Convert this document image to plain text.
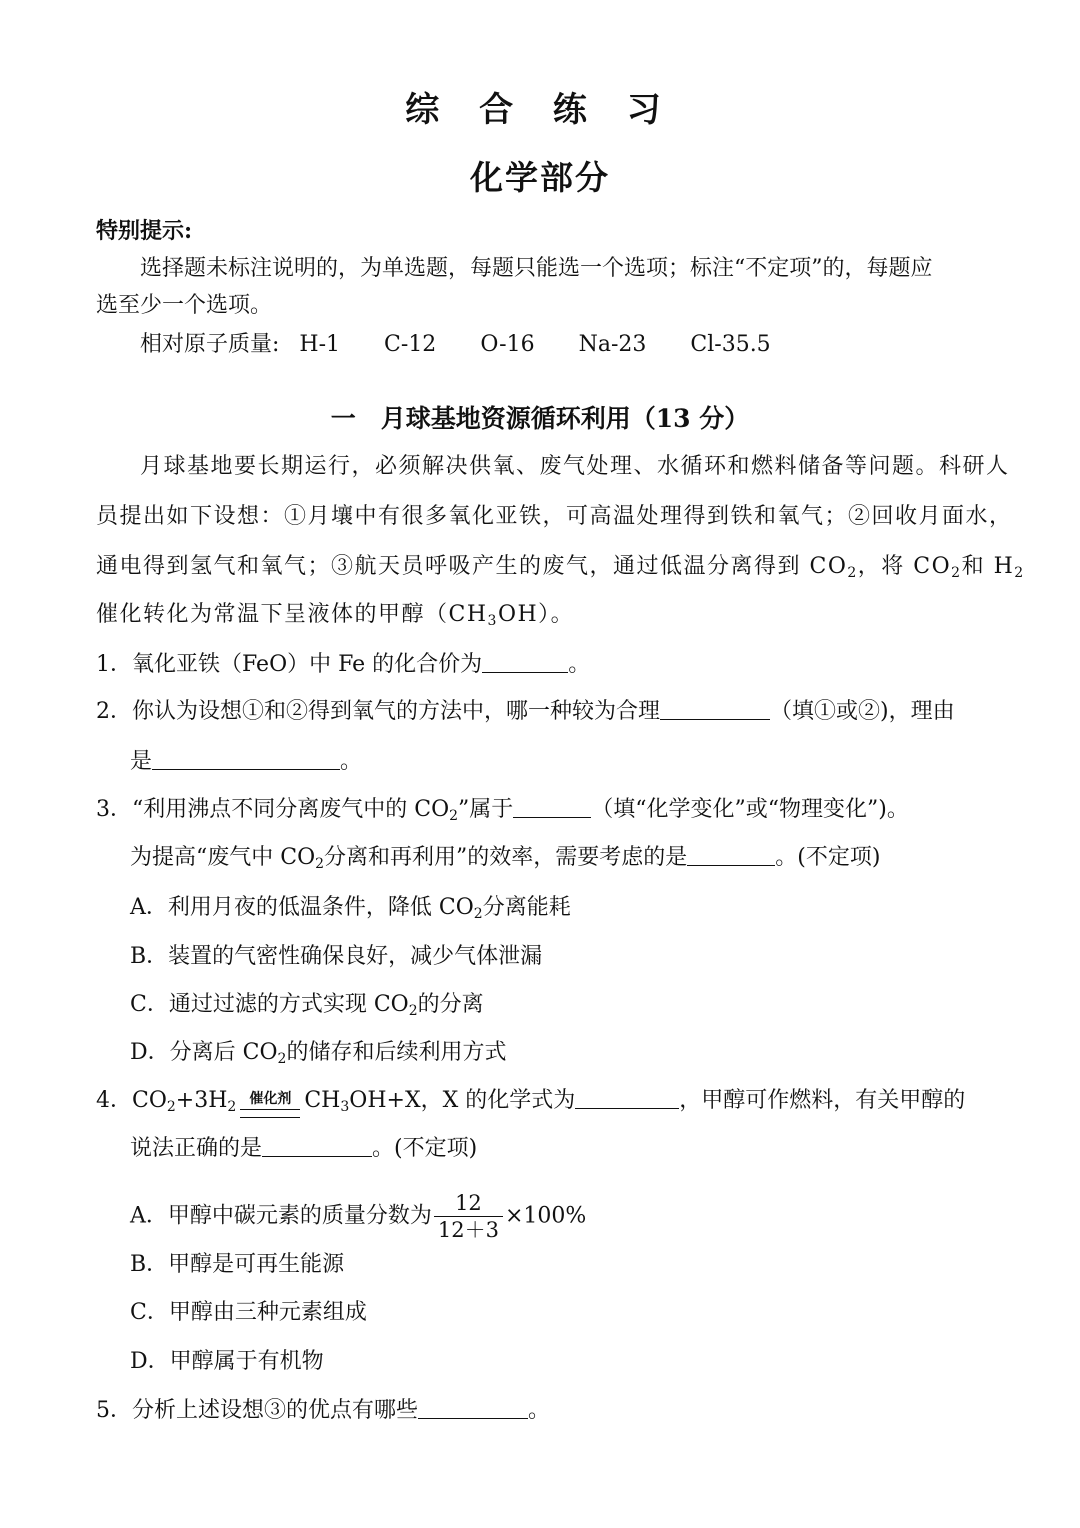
综 合 练 习
化学部分
特别提示:
选择题未标注说明的，为单选题，每题只能选一个选项；标注“不定项”的，每题应
选至少一个选项。
相对原子质量: H-1 C-12 O-16 Na-23 Cl-35.5
一　月球基地资源循环利用（13 分）
月球基地要长期运行，必须解决供氧、废气处理、水循环和燃料储备等问题。科研人
员提出如下设想：①月壤中有很多氧化亚铁，可高温处理得到铁和氧气；②回收月面水，
通电得到氢气和氧气；③航天员呼吸产生的废气，通过低温分离得到 $CO_2$，将 $CO_2$和 $H_2$
催化转化为常温下呈液体的甲醇$(CH_3OH)$。
1．氧化亚铁（FeO）中 Fe 的化合价为	。
2．你认为设想①和②得到氧气的方法中，哪一种较为合理	（填①或②)，理由
是	。
3．“利用沸点不同分离废气中的 $CO_2$”属于	（填“化学变化”或“物理变化”)。
为提高“废气中 $CO_2$分离和再利用”的效率，需要考虑的是	。(不定项)
A．利用月夜的低温条件，降低 $CO_2$分离能耗
B．装置的气密性确保良好，减少气体泄漏
C．通过过滤的方式实现 $CO_2$的分离
D．分离后 $CO_2$的储存和后续利用方式
4．$CO_2+3H_2$ 催化剂 $CH_3OH+X$，X 的化学式为	，甲醇可作燃料，有关甲醇的
说法正确的是	。(不定项)
A．甲醇中碳元素的质量分数为 $\frac{12}{12+3} \times 100\%$
B．甲醇是可再生能源
C．甲醇由三种元素组成
D．甲醇属于有机物
5．分析上述设想③的优点有哪些	。
